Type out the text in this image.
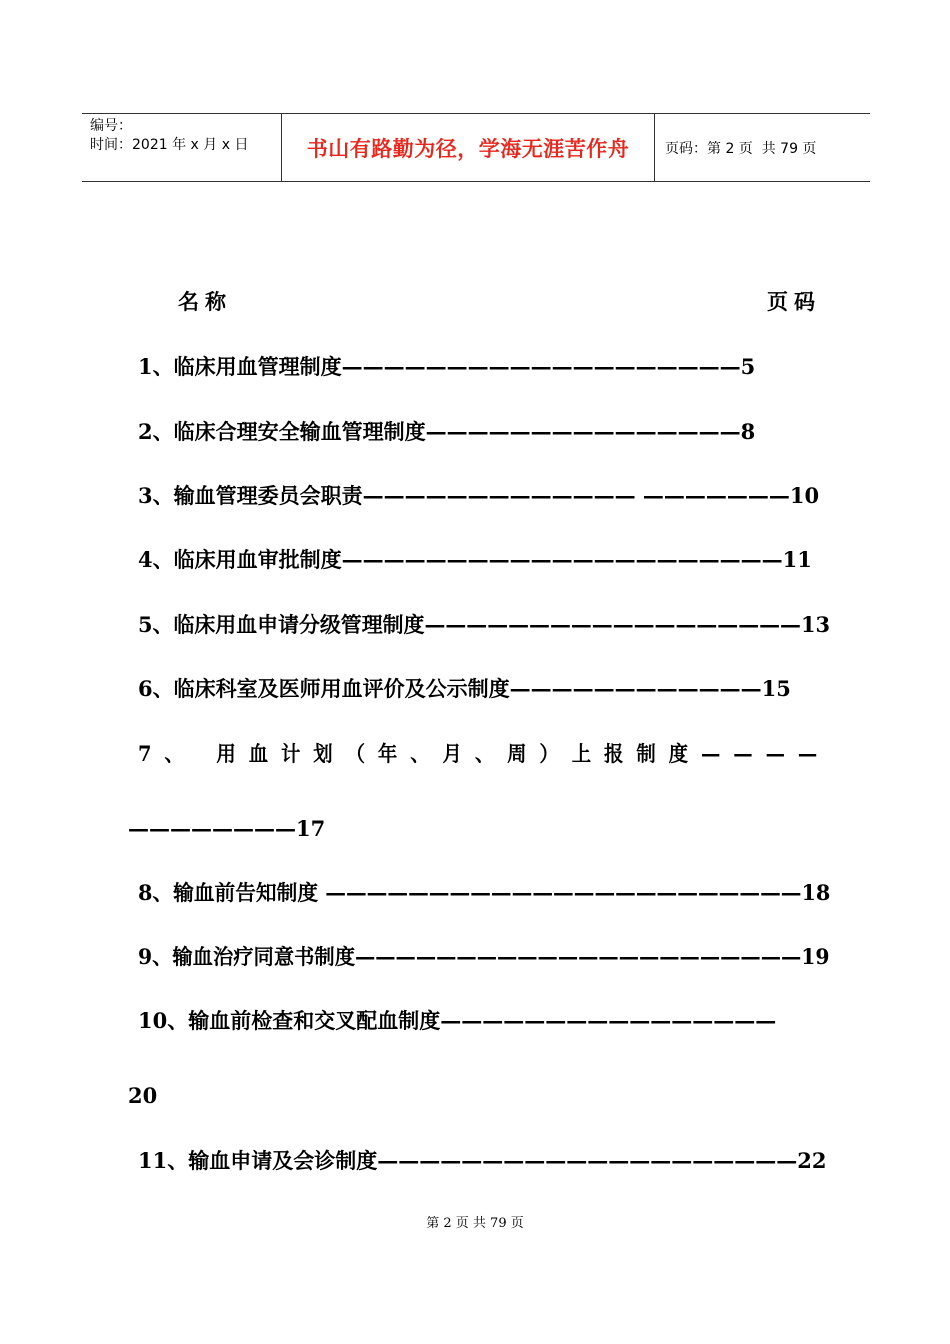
编号：
时间：2021 年 x 月 x 日	书山有路勤为径，学海无涯苦作舟	页码：第 2 页  共 79 页
名称	页码
1、临床用血管理制度———————————————————5
2、临床合理安全输血管理制度———————————————8
3、输血管理委员会职责————————————— ———————10
4、临床用血审批制度—————————————————————11
5、临床用血申请分级管理制度——————————————————13
6、临床科室及医师用血评价及公示制度————————————15
7、 用血计划（年、月、周）上报制度————
————————17
8、输血前告知制度 ———————————————————————18
9、输血治疗同意书制度——————————————————————19
10、输血前检查和交叉配血制度————————————————
20
11、输血申请及会诊制度————————————————————22
第 2 页 共 79 页
